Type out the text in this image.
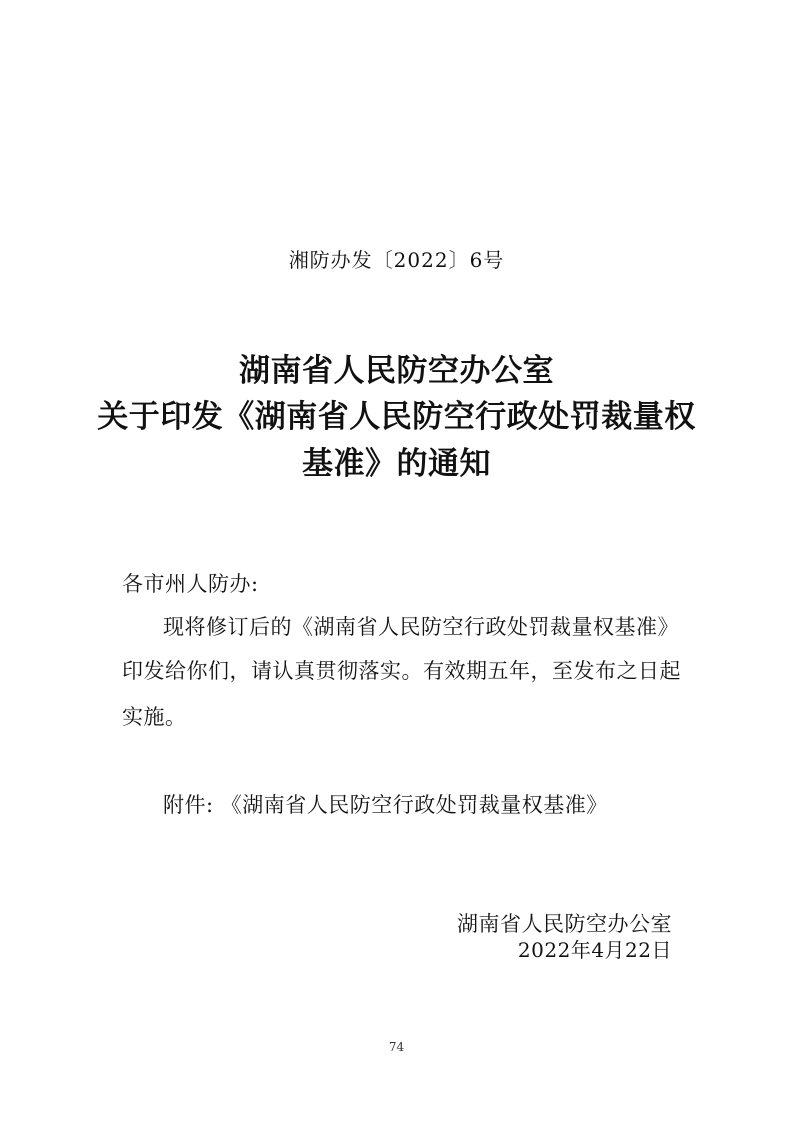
湘防办发〔2022〕6号
湖南省人民防空办公室
关于印发《湖南省人民防空行政处罚裁量权
基准》的通知
各市州人防办:
现将修订后的《湖南省人民防空行政处罚裁量权基准》
印发给你们，请认真贯彻落实。有效期五年，至发布之日起
实施。
附件: 《湖南省人民防空行政处罚裁量权基准》
湖南省人民防空办公室
2022年4月22日
74
